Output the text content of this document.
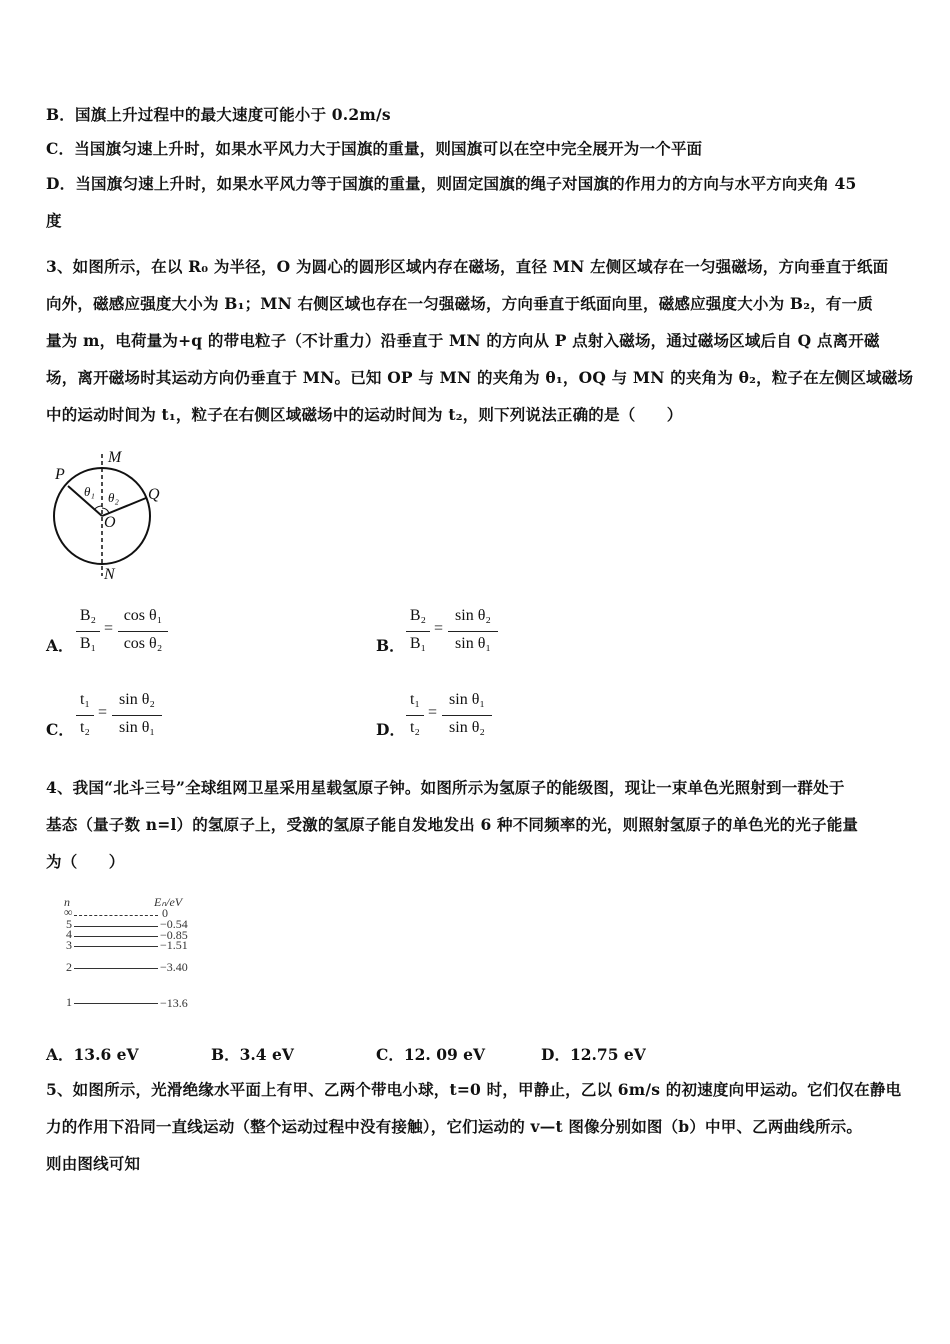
B．国旗上升过程中的最大速度可能小于 0.2m/s
C．当国旗匀速上升时，如果水平风力大于国旗的重量，则国旗可以在空中完全展开为一个平面
D．当国旗匀速上升时，如果水平风力等于国旗的重量，则固定国旗的绳子对国旗的作用力的方向与水平方向夹角 45
度
3、如图所示，在以 R₀ 为半径，O 为圆心的圆形区域内存在磁场，直径 MN 左侧区域存在一匀强磁场，方向垂直于纸面
向外，磁感应强度大小为 B₁；MN 右侧区域也存在一匀强磁场，方向垂直于纸面向里，磁感应强度大小为 B₂，有一质
量为 m，电荷量为+q 的带电粒子（不计重力）沿垂直于 MN 的方向从 P 点射入磁场，通过磁场区域后自 Q 点离开磁
场，离开磁场时其运动方向仍垂直于 MN。已知 OP 与 MN 的夹角为 θ₁，OQ 与 MN 的夹角为 θ₂，粒子在左侧区域磁场
中的运动时间为 t₁，粒子在右侧区域磁场中的运动时间为 t₂，则下列说法正确的是（　　）
M
N
P
Q
O
θ₁ θ₂
A．
B₂
B₁
=
cos θ₁
cos θ₂	B．
B₂
B₁
=
sin θ₂
sin θ₁
C．
t₁
t₂
=
sin θ₂
sin θ₁	D．
t₁
t₂
=
sin θ₁
sin θ₂
4、我国“北斗三号”全球组网卫星采用星载氢原子钟。如图所示为氢原子的能级图，现让一束单色光照射到一群处于
基态（量子数 n=l）的氢原子上，受激的氢原子能自发地发出 6 种不同频率的光，则照射氢原子的单色光的光子能量
为（　　）
n	Eₙ/eV
∞	0
5	−0.54
4	−0.85
3	−1.51
2	−3.40
1	−13.6
A．13.6 eV	B．3.4 eV	C．12. 09 eV	D．12.75 eV
5、如图所示，光滑绝缘水平面上有甲、乙两个带电小球，t=0 时，甲静止，乙以 6m/s 的初速度向甲运动。它们仅在静电
力的作用下沿同一直线运动（整个运动过程中没有接触），它们运动的 v—t 图像分别如图（b）中甲、乙两曲线所示。
则由图线可知
